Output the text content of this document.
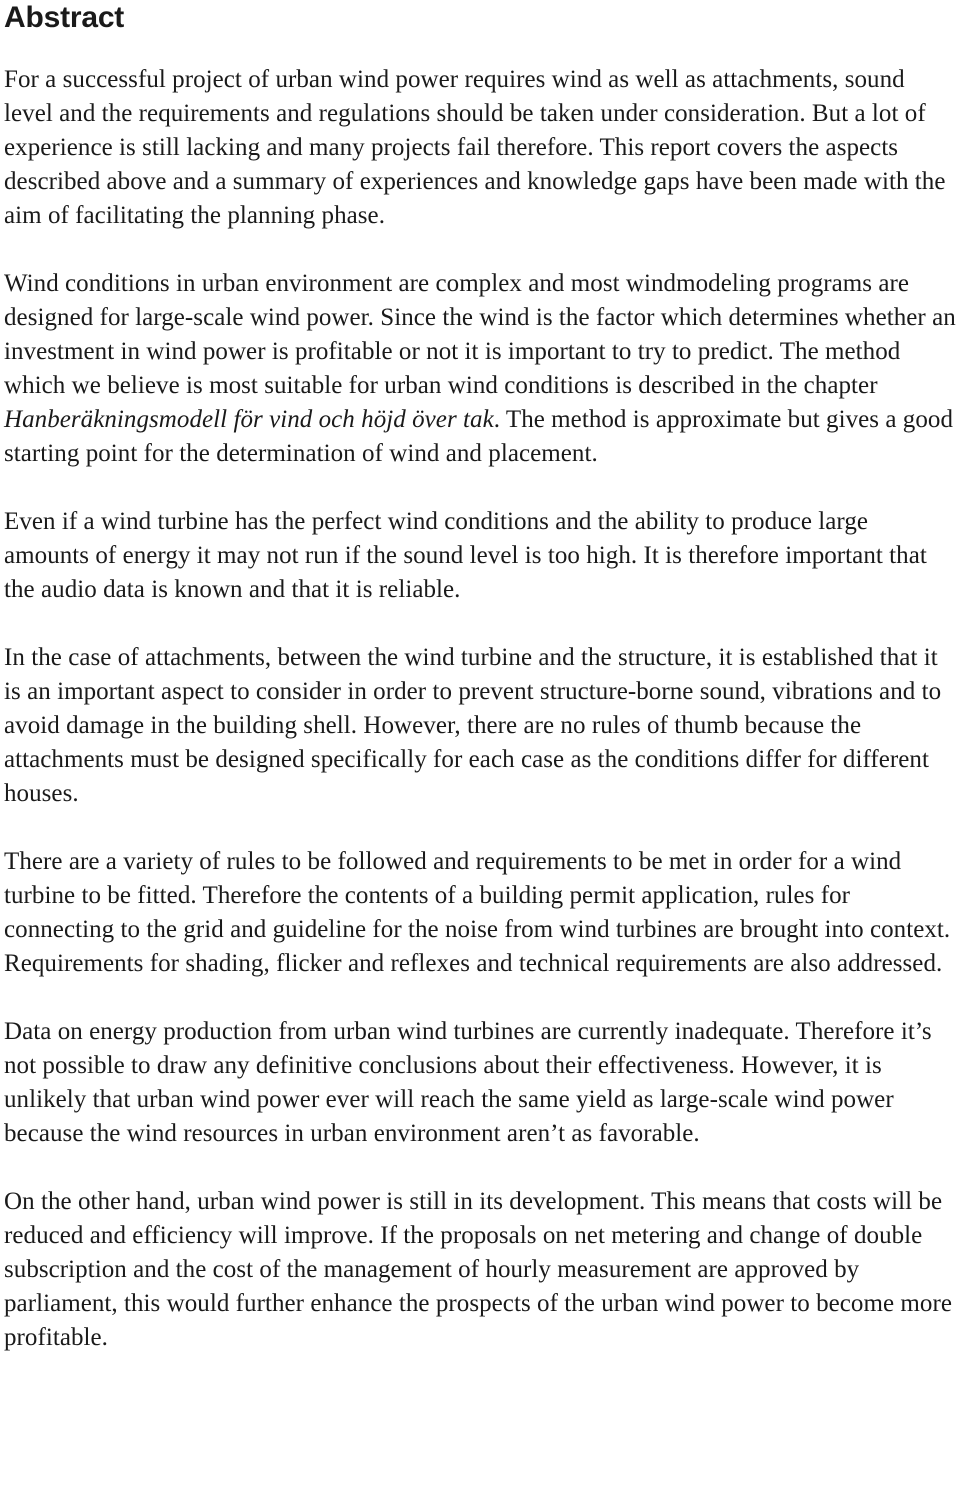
Abstract

For a successful project of urban wind power requires wind as well as attachments, sound level and the requirements and regulations should be taken under consideration. But a lot of experience is still lacking and many projects fail therefore. This report covers the aspects described above and a summary of experiences and knowledge gaps have been made with the aim of facilitating the planning phase.

Wind conditions in urban environment are complex and most windmodeling programs are designed for large-scale wind power. Since the wind is the factor which determines whether an investment in wind power is profitable or not it is important to try to predict. The method which we believe is most suitable for urban wind conditions is described in the chapter Hanberäkningsmodell för vind och höjd över tak. The method is approximate but gives a good starting point for the determination of wind and placement.

Even if a wind turbine has the perfect wind conditions and the ability to produce large amounts of energy it may not run if the sound level is too high. It is therefore important that the audio data is known and that it is reliable.

In the case of attachments, between the wind turbine and the structure, it is established that it is an important aspect to consider in order to prevent structure-borne sound, vibrations and to avoid damage in the building shell. However, there are no rules of thumb because the attachments must be designed specifically for each case as the conditions differ for different houses.

There are a variety of rules to be followed and requirements to be met in order for a wind turbine to be fitted. Therefore the contents of a building permit application, rules for connecting to the grid and guideline for the noise from wind turbines are brought into context. Requirements for shading, flicker and reflexes and technical requirements are also addressed.

Data on energy production from urban wind turbines are currently inadequate. Therefore it’s not possible to draw any definitive conclusions about their effectiveness. However, it is unlikely that urban wind power ever will reach the same yield as large-scale wind power because the wind resources in urban environment aren’t as favorable.

On the other hand, urban wind power is still in its development. This means that costs will be reduced and efficiency will improve. If the proposals on net metering and change of double subscription and the cost of the management of hourly measurement are approved by parliament, this would further enhance the prospects of the urban wind power to become more profitable.
